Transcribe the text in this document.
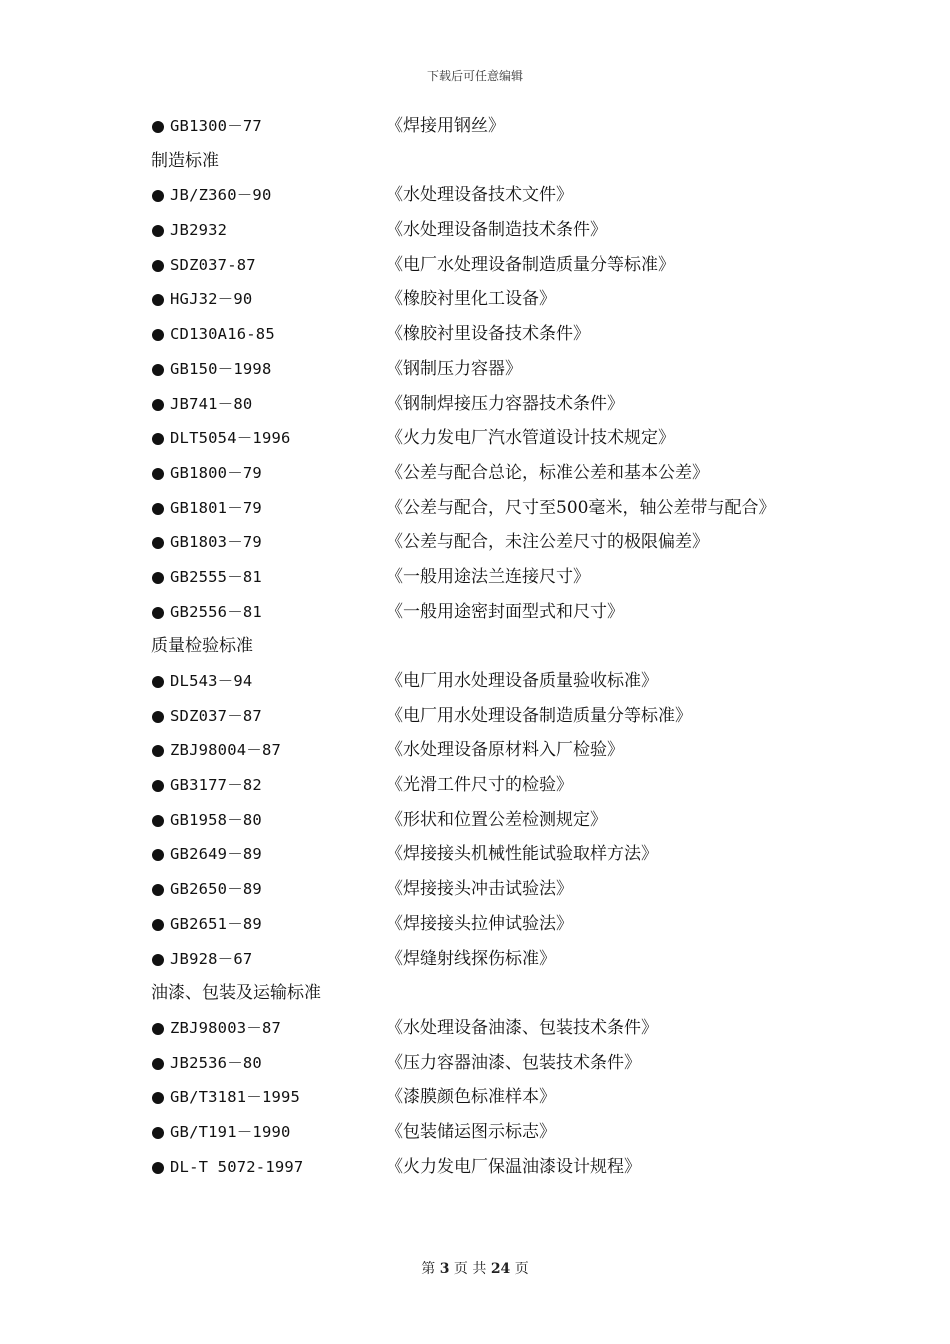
下载后可任意编辑
GB1300－77	《焊接用钢丝》
制造标准
JB/Z360－90	《水处理设备技术文件》
JB2932	《水处理设备制造技术条件》
SDZ037-87	《电厂水处理设备制造质量分等标准》
HGJ32－90	《橡胶衬里化工设备》
CD130A16-85	《橡胶衬里设备技术条件》
GB150－1998	《钢制压力容器》
JB741－80	《钢制焊接压力容器技术条件》
DLT5054－1996	《火力发电厂汽水管道设计技术规定》
GB1800－79	《公差与配合总论，标准公差和基本公差》
GB1801－79	《公差与配合，尺寸至500毫米，轴公差带与配合》
GB1803－79	《公差与配合，未注公差尺寸的极限偏差》
GB2555－81	《一般用途法兰连接尺寸》
GB2556－81	《一般用途密封面型式和尺寸》
质量检验标准
DL543－94	《电厂用水处理设备质量验收标准》
SDZ037－87	《电厂用水处理设备制造质量分等标准》
ZBJ98004－87	《水处理设备原材料入厂检验》
GB3177－82	《光滑工件尺寸的检验》
GB1958－80	《形状和位置公差检测规定》
GB2649－89	《焊接接头机械性能试验取样方法》
GB2650－89	《焊接接头冲击试验法》
GB2651－89	《焊接接头拉伸试验法》
JB928－67	《焊缝射线探伤标准》
油漆、包装及运输标准
ZBJ98003－87	《水处理设备油漆、包装技术条件》
JB2536－80	《压力容器油漆、包装技术条件》
GB/T3181－1995	《漆膜颜色标准样本》
GB/T191－1990	《包装储运图示标志》
DL-T 5072-1997	《火力发电厂保温油漆设计规程》
第 3 页 共 24 页
